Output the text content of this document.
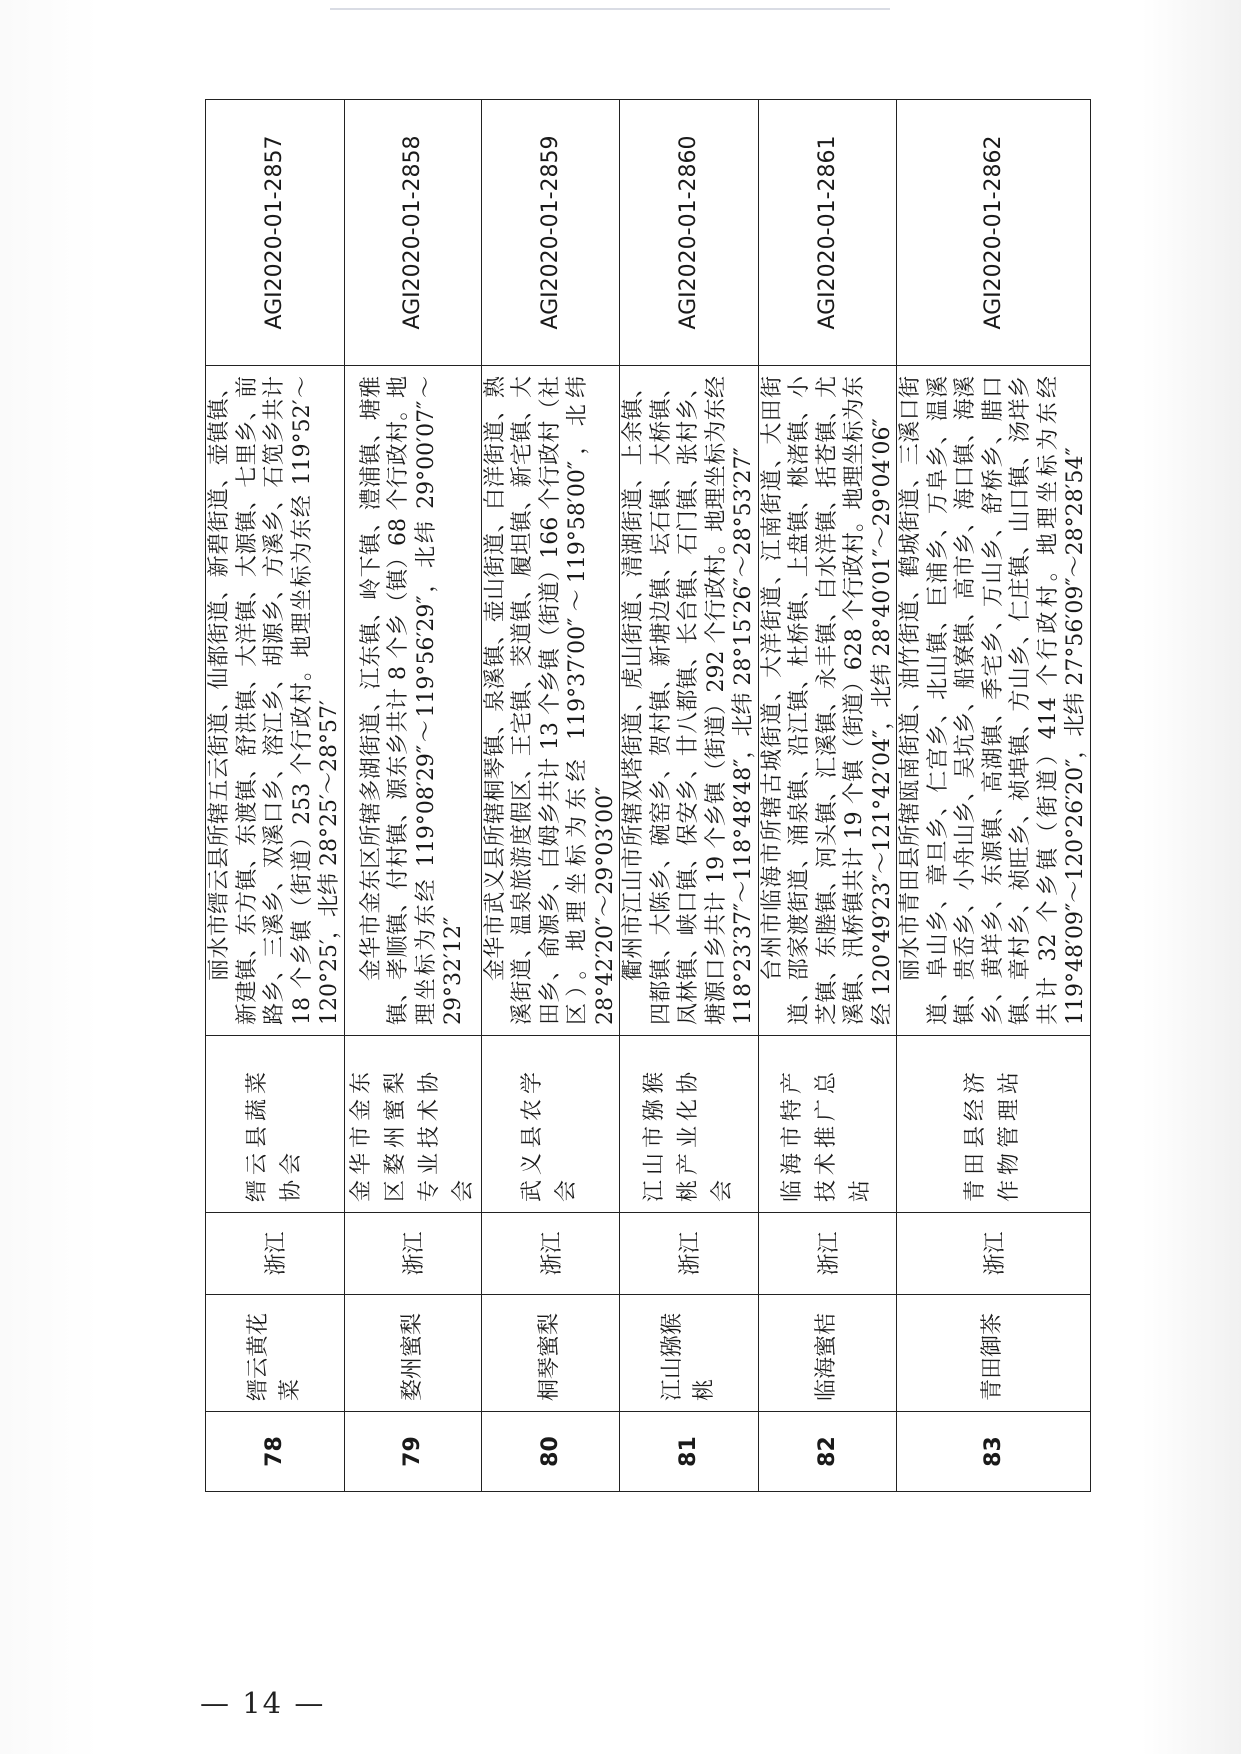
78	缙云黄花菜	浙江	缙云县蔬菜协会	丽水市缙云县所辖五云街道、仙都街道、新碧街道、壶镇镇、新建镇、东方镇、东渡镇、舒洪镇、大洋镇、大源镇、七里乡、前路乡、三溪乡、双溪口乡、溶江乡、胡源乡、方溪乡、石笕乡共计 18 个乡镇（街道）253 个行政村。地理坐标为东经 119°52′～120°25′，北纬 28°25′～28°57′	AGI2020-01-2857
79	婺州蜜梨	浙江	金华市金东区婺州蜜梨专业技术协会	金华市金东区所辖多湖街道、江东镇、岭下镇、澧浦镇、塘雅镇、孝顺镇、付村镇、源东乡共计 8 个乡（镇）68 个行政村。地理坐标为东经 119°08′29″～119°56′29″，北纬 29°00′07″～29°32′12″	AGI2020-01-2858
80	桐琴蜜梨	浙江	武义县农学会	金华市武义县所辖桐琴镇、泉溪镇、壶山街道、白洋街道、熟溪街道、温泉旅游度假区、王宅镇、茭道镇、履坦镇、新宅镇、大田乡、俞源乡、白姆乡共计 13 个乡镇（街道）166 个行政村（社区）。地理坐标为东经 119°37′00″～119°58′00″，北纬 28°42′20″～29°03′00″	AGI2020-01-2859
81	江山猕猴桃	浙江	江山市猕猴桃产业化协会	衢州市江山市所辖双塔街道、虎山街道、清湖街道、上余镇、四都镇、大陈乡、碗窑乡、贺村镇、新塘边镇、坛石镇、大桥镇、凤林镇、峡口镇、保安乡、廿八都镇、长台镇、石门镇、张村乡、塘源口乡共计 19 个乡镇（街道）292 个行政村。地理坐标为东经 118°23′37″～118°48′48″，北纬 28°15′26″～28°53′27″	AGI2020-01-2860
82	临海蜜桔	浙江	临海市特产技术推广总站	台州市临海市所辖古城街道、大洋街道、江南街道、大田街道、邵家渡街道、涌泉镇、沿江镇、杜桥镇、上盘镇、桃渚镇、小芝镇、东塍镇、河头镇、汇溪镇、永丰镇、白水洋镇、括苍镇、尤溪镇、汛桥镇共计 19 个镇（街道）628 个行政村。地理坐标为东经 120°49′23″～121°42′04″，北纬 28°40′01″～29°04′06″	AGI2020-01-2861
83	青田御茶	浙江	青田县经济作物管理站	丽水市青田县所辖瓯南街道、油竹街道、鹤城街道、三溪口街道、阜山乡、章旦乡、仁宫乡、北山镇、巨浦乡、万阜乡、温溪镇、贵岙乡、小舟山乡、吴坑乡、船寮镇、高市乡、海口镇、海溪乡、黄垟乡、东源镇、高湖镇、季宅乡、万山乡、舒桥乡、腊口镇、章村乡、祯旺乡、祯埠镇、方山乡、仁庄镇、山口镇、汤垟乡共计 32 个乡镇（街道）414 个行政村。地理坐标为东经 119°48′09″～120°26′20″，北纬 27°56′09″～28°28′54″	AGI2020-01-2862
— 14 —
